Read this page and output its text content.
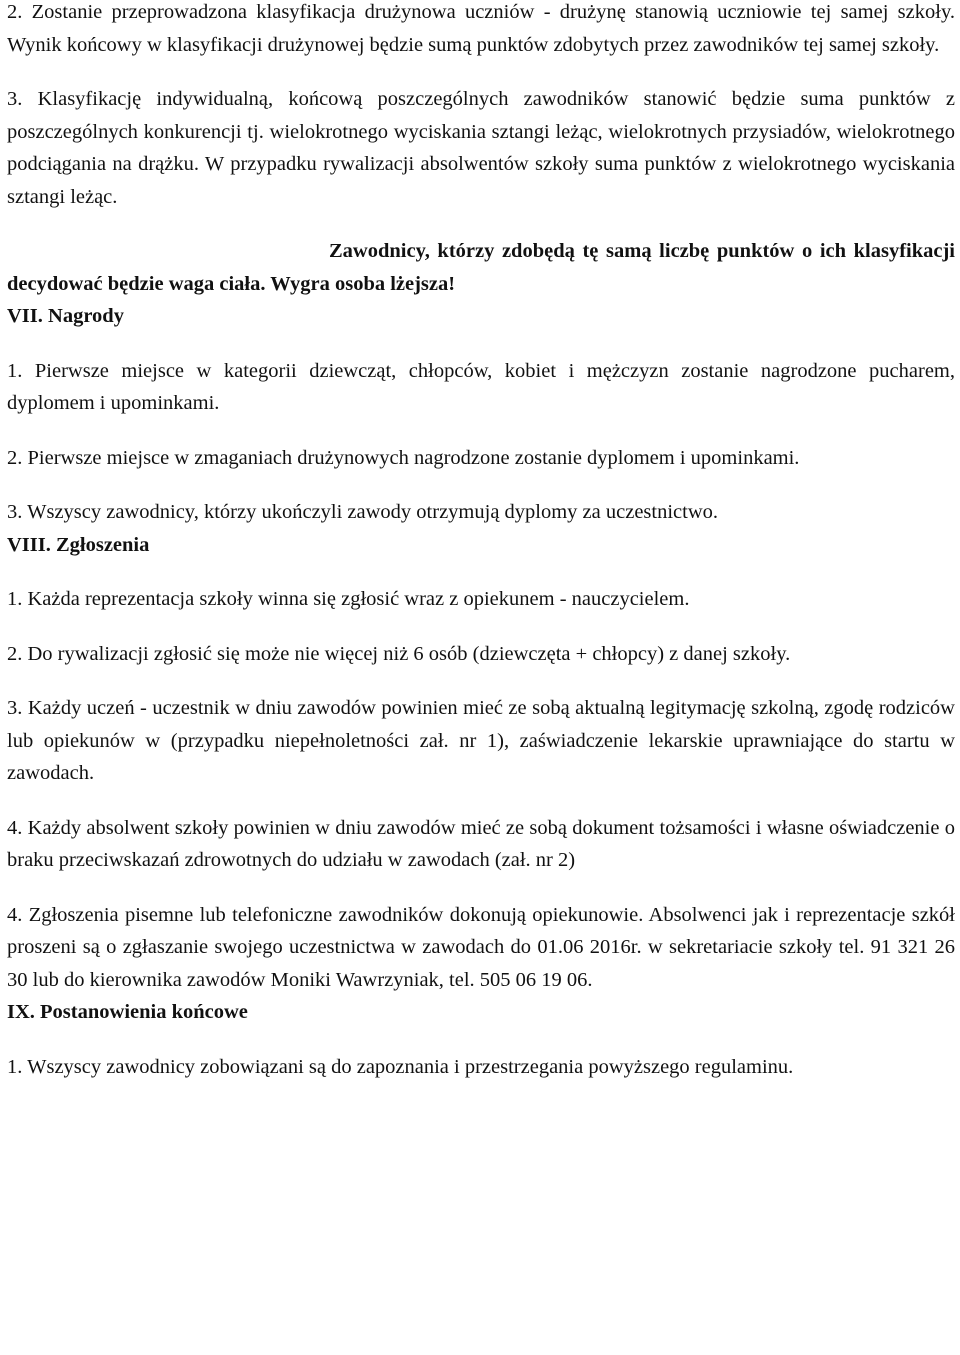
2. Zostanie przeprowadzona klasyfikacja drużynowa uczniów - drużynę stanowią uczniowie tej samej szkoły. Wynik końcowy w klasyfikacji drużynowej będzie sumą punktów zdobytych przez zawodników tej samej szkoły.

3. Klasyfikację indywidualną, końcową poszczególnych zawodników stanowić będzie suma punktów z poszczególnych konkurencji tj. wielokrotnego wyciskania sztangi leżąc, wielokrotnych przysiadów, wielokrotnego podciągania na drążku. W przypadku rywalizacji absolwentów szkoły suma punktów z wielokrotnego wyciskania sztangi leżąc.

Zawodnicy, którzy zdobędą tę samą liczbę punktów o ich klasyfikacji decydować będzie waga ciała. Wygra osoba lżejsza!

VII. Nagrody

1. Pierwsze miejsce w kategorii dziewcząt, chłopców, kobiet i mężczyzn zostanie nagrodzone pucharem, dyplomem i upominkami.

2. Pierwsze miejsce w zmaganiach drużynowych nagrodzone zostanie dyplomem i upominkami.

3. Wszyscy zawodnicy, którzy ukończyli zawody otrzymują dyplomy za uczestnictwo.

VIII. Zgłoszenia

1. Każda reprezentacja szkoły winna się zgłosić wraz z opiekunem - nauczycielem.

2. Do rywalizacji zgłosić się może nie więcej niż 6 osób (dziewczęta + chłopcy) z danej szkoły.

3. Każdy uczeń - uczestnik w dniu zawodów powinien mieć ze sobą aktualną legitymację szkolną, zgodę rodziców lub opiekunów w (przypadku niepełnoletności zał. nr 1), zaświadczenie lekarskie uprawniające do startu w zawodach.

4. Każdy absolwent szkoły powinien w dniu zawodów mieć ze sobą dokument tożsamości i własne oświadczenie o braku przeciwskazań zdrowotnych do udziału w zawodach (zał. nr 2)

4. Zgłoszenia pisemne lub telefoniczne zawodników dokonują opiekunowie. Absolwenci jak i reprezentacje szkół proszeni są o zgłaszanie swojego uczestnictwa w zawodach do 01.06 2016r. w sekretariacie szkoły tel. 91 321 26 30 lub do kierownika zawodów Moniki Wawrzyniak, tel. 505 06 19 06.

IX. Postanowienia końcowe

1. Wszyscy zawodnicy zobowiązani są do zapoznania i przestrzegania powyższego regulaminu.
